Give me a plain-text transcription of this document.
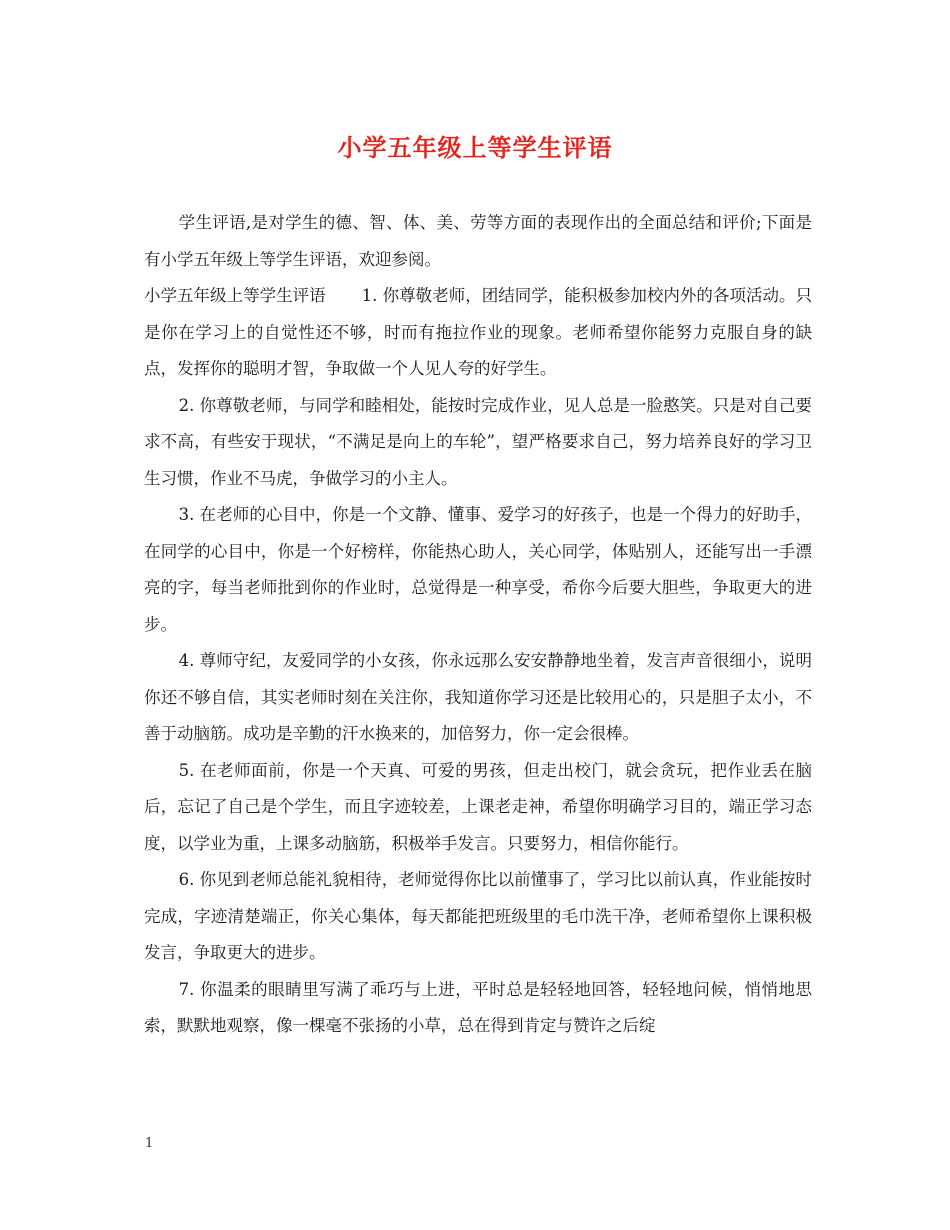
小学五年级上等学生评语

学生评语,是对学生的德、智、体、美、劳等方面的表现作出的全面总结和评价;下面是有小学五年级上等学生评语，欢迎参阅。

小学五年级上等学生评语 1. 你尊敬老师，团结同学，能积极参加校内外的各项活动。只是你在学习上的自觉性还不够，时而有拖拉作业的现象。老师希望你能努力克服自身的缺点，发挥你的聪明才智，争取做一个人见人夸的好学生。

2. 你尊敬老师，与同学和睦相处，能按时完成作业，见人总是一脸憨笑。只是对自己要求不高，有些安于现状，“不满足是向上的车轮”，望严格要求自己，努力培养良好的学习卫生习惯，作业不马虎，争做学习的小主人。

3. 在老师的心目中，你是一个文静、懂事、爱学习的好孩子，也是一个得力的好助手，在同学的心目中，你是一个好榜样，你能热心助人，关心同学，体贴别人，还能写出一手漂亮的字，每当老师批到你的作业时，总觉得是一种享受，希你今后要大胆些，争取更大的进步。

4. 尊师守纪，友爱同学的小女孩，你永远那么安安静静地坐着，发言声音很细小，说明你还不够自信，其实老师时刻在关注你，我知道你学习还是比较用心的，只是胆子太小，不善于动脑筋。成功是辛勤的汗水换来的，加倍努力，你一定会很棒。

5. 在老师面前，你是一个天真、可爱的男孩，但走出校门，就会贪玩，把作业丢在脑后，忘记了自己是个学生，而且字迹较差，上课老走神，希望你明确学习目的，端正学习态度，以学业为重，上课多动脑筋，积极举手发言。只要努力，相信你能行。

6. 你见到老师总能礼貌相待，老师觉得你比以前懂事了，学习比以前认真，作业能按时完成，字迹清楚端正，你关心集体，每天都能把班级里的毛巾洗干净，老师希望你上课积极发言，争取更大的进步。

7. 你温柔的眼睛里写满了乖巧与上进，平时总是轻轻地回答，轻轻地问候，悄悄地思索，默默地观察，像一棵毫不张扬的小草，总在得到肯定与赞许之后绽

1
